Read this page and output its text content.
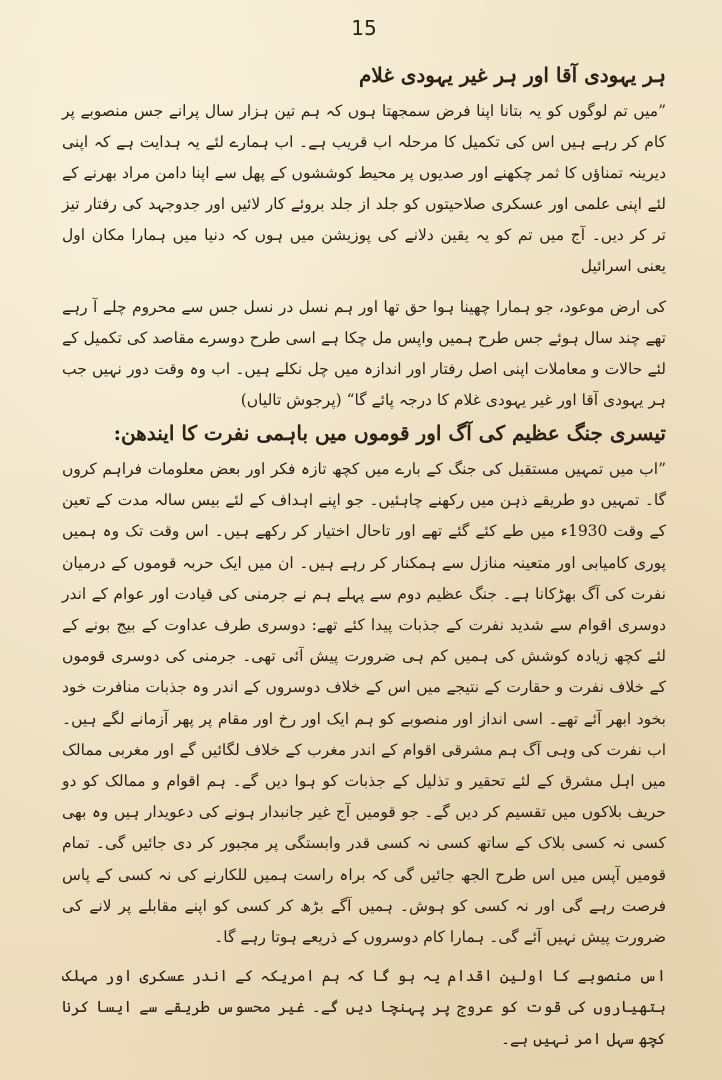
15
ہر یہودی آقا اور ہر غیر یہودی غلام

”میں تم لوگوں کو یہ بتانا اپنا فرض سمجھتا ہوں کہ ہم تین ہزار سال پرانے جس منصوبے پر کام کر رہے ہیں اس کی تکمیل کا مرحلہ اب قریب ہے۔ اب ہمارے لئے یہ ہدایت ہے کہ اپنی دیرینہ تمناؤں کا ثمر چکھنے اور صدیوں پر محیط کوششوں کے پھل سے اپنا دامن مراد بھرنے کے لئے اپنی علمی اور عسکری صلاحیتوں کو جلد از جلد بروئے کار لائیں اور جدوجہد کی رفتار تیز تر کر دیں۔ آج میں تم کو یہ یقین دلانے کی پوزیشن میں ہوں کہ دنیا میں ہمارا مکان اول یعنی اسرائیل

کی ارض موعود، جو ہمارا چھینا ہوا حق تھا اور ہم نسل در نسل جس سے محروم چلے آ رہے تھے چند سال ہوئے جس طرح ہمیں واپس مل چکا ہے اسی طرح دوسرے مقاصد کی تکمیل کے لئے حالات و معاملات اپنی اصل رفتار اور اندازہ میں چل نکلے ہیں۔ اب وہ وقت دور نہیں جب ہر یہودی آقا اور غیر یہودی غلام کا درجہ پائے گا“ (پرجوش تالیاں)

تیسری جنگ عظیم کی آگ اور قوموں میں باہمی نفرت کا ایندھن:

”اب میں تمہیں مستقبل کی جنگ کے بارے میں کچھ تازہ فکر اور بعض معلومات فراہم کروں گا۔ تمہیں دو طریقے ذہن میں رکھنے چاہئیں۔ جو اپنے اہداف کے لئے بیس سالہ مدت کے تعین کے وقت 1930ء میں طے کئے گئے تھے اور تاحال اختیار کر رکھے ہیں۔ اس وقت تک وہ ہمیں پوری کامیابی اور متعینہ منازل سے ہمکنار کر رہے ہیں۔ ان میں ایک حربہ قوموں کے درمیان نفرت کی آگ بھڑکانا ہے۔ جنگ عظیم دوم سے پہلے ہم نے جرمنی کی قیادت اور عوام کے اندر دوسری اقوام سے شدید نفرت کے جذبات پیدا کئے تھے: دوسری طرف عداوت کے بیج بونے کے لئے کچھ زیادہ کوشش کی ہمیں کم ہی ضرورت پیش آئی تھی۔ جرمنی کی دوسری قوموں کے خلاف نفرت و حقارت کے نتیجے میں اس کے خلاف دوسروں کے اندر وہ جذبات منافرت خود بخود ابھر آئے تھے۔ اسی انداز اور منصوبے کو ہم ایک اور رخ اور مقام پر پھر آزمانے لگے ہیں۔ اب نفرت کی وہی آگ ہم مشرقی اقوام کے اندر مغرب کے خلاف لگائیں گے اور مغربی ممالک میں اہل مشرق کے لئے تحقیر و تذلیل کے جذبات کو ہوا دیں گے۔ ہم اقوام و ممالک کو دو حریف بلاکوں میں تقسیم کر دیں گے۔ جو قومیں آج غیر جانبدار ہونے کی دعویدار ہیں وہ بھی کسی نہ کسی بلاک کے ساتھ کسی نہ کسی قدر وابستگی پر مجبور کر دی جائیں گی۔ تمام قومیں آپس میں اس طرح الجھ جائیں گی کہ براہ راست ہمیں للکارنے کی نہ کسی کے پاس فرصت رہے گی اور نہ کسی کو ہوش۔ ہمیں آگے بڑھ کر کسی کو اپنے مقابلے پر لانے کی ضرورت پیش نہیں آئے گی۔ ہمارا کام دوسروں کے ذریعے ہوتا رہے گا۔

اس منصوبے کا اولین اقدام یہ ہو گا کہ ہم امریکہ کے اندر عسکری اور مہلک ہتھیاروں کی قوت کو عروج پر پہنچا دیں گے۔ غیر محسوس طریقے سے ایسا کرنا کچھ سہل امر نہیں ہے۔
